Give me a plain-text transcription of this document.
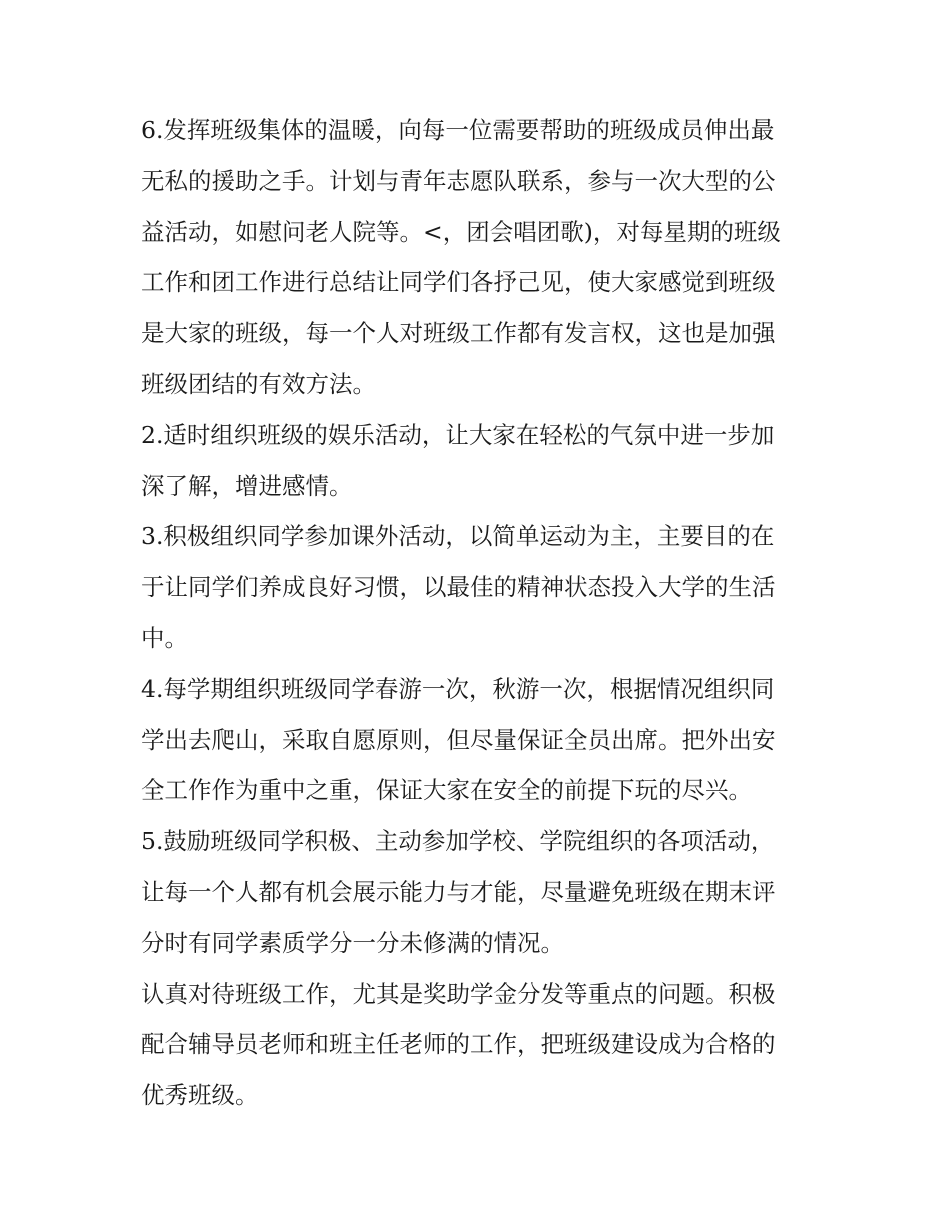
6.发挥班级集体的温暖，向每一位需要帮助的班级成员伸出最
无私的援助之手。计划与青年志愿队联系，参与一次大型的公
益活动，如慰问老人院等。<，团会唱团歌)，对每星期的班级
工作和团工作进行总结让同学们各抒己见，使大家感觉到班级
是大家的班级，每一个人对班级工作都有发言权，这也是加强
班级团结的有效方法。

2.适时组织班级的娱乐活动，让大家在轻松的气氛中进一步加
深了解，增进感情。

3.积极组织同学参加课外活动，以简单运动为主，主要目的在
于让同学们养成良好习惯，以最佳的精神状态投入大学的生活
中。

4.每学期组织班级同学春游一次，秋游一次，根据情况组织同
学出去爬山，采取自愿原则，但尽量保证全员出席。把外出安
全工作作为重中之重，保证大家在安全的前提下玩的尽兴。

5.鼓励班级同学积极、主动参加学校、学院组织的各项活动，
让每一个人都有机会展示能力与才能，尽量避免班级在期末评
分时有同学素质学分一分未修满的情况。

认真对待班级工作，尤其是奖助学金分发等重点的问题。积极
配合辅导员老师和班主任老师的工作，把班级建设成为合格的
优秀班级。
